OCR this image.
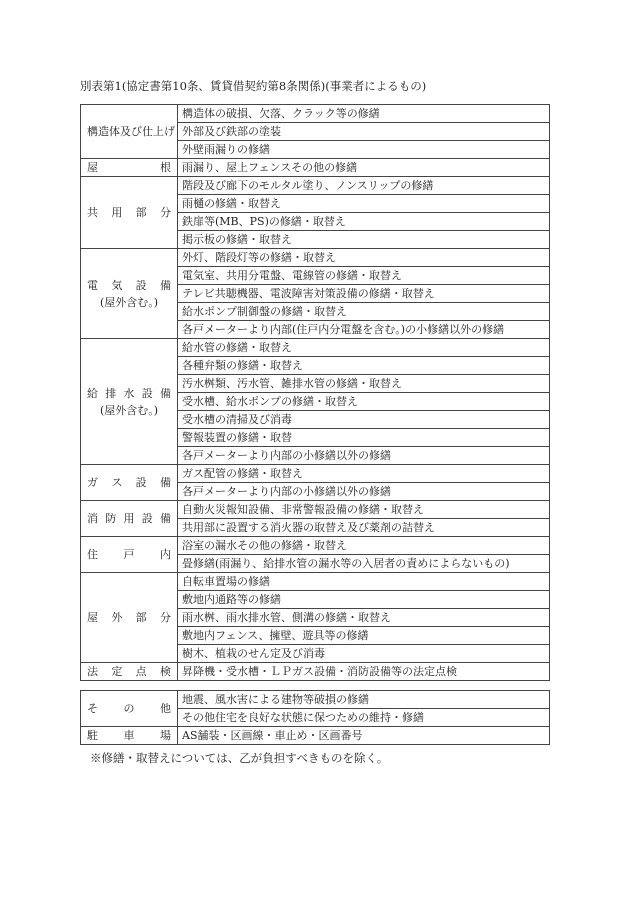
別表第1(協定書第10条、賃貸借契約第8条関係)(事業者によるもの)
構造体及び仕上げ	構造体の破損、欠落、クラック等の修繕
	外部及び鉄部の塗装
	外壁雨漏りの修繕

屋根	雨漏り、屋上フェンスその他の修繕

共用部分	階段及び廊下のモルタル塗り、ノンスリップの修繕
	雨樋の修繕・取替え
	鉄扉等(MB、PS)の修繕・取替え
	掲示板の修繕・取替え

電気設備
(屋外含む。)	外灯、階段灯等の修繕・取替え
	電気室、共用分電盤、電線管の修繕・取替え
	テレビ共聴機器、電波障害対策設備の修繕・取替え
	給水ポンプ制御盤の修繕・取替え
	各戸メーターより内部(住戸内分電盤を含む。)の小修繕以外の修繕

給排水設備
(屋外含む。)	給水管の修繕・取替え
	各種弁類の修繕・取替え
	汚水桝類、汚水管、雑排水管の修繕・取替え
	受水槽、給水ポンプの修繕・取替え
	受水槽の清掃及び消毒
	警報装置の修繕・取替
	各戸メーターより内部の小修繕以外の修繕

ガス設備	ガス配管の修繕・取替え
	各戸メーターより内部の小修繕以外の修繕

消防用設備	自動火災報知設備、非常警報設備の修繕・取替え
	共用部に設置する消火器の取替え及び薬剤の詰替え

住戸内	浴室の漏水その他の修繕・取替え
	畳修繕(雨漏り、給排水管の漏水等の入居者の責めによらないもの)

屋外部分	自転車置場の修繕
	敷地内通路等の修繕
	雨水桝、雨水排水管、側溝の修繕・取替え
	敷地内フェンス、擁壁、遊具等の修繕
	樹木、植栽のせん定及び消毒

法定点検	昇降機・受水槽・ＬＰガス設備・消防設備等の法定点検
その他	地震、風水害による建物等破損の修繕
	その他住宅を良好な状態に保つための維持・修繕

駐車場	AS舗装・区画線・車止め・区画番号
※修繕・取替えについては、乙が負担すべきものを除く。
